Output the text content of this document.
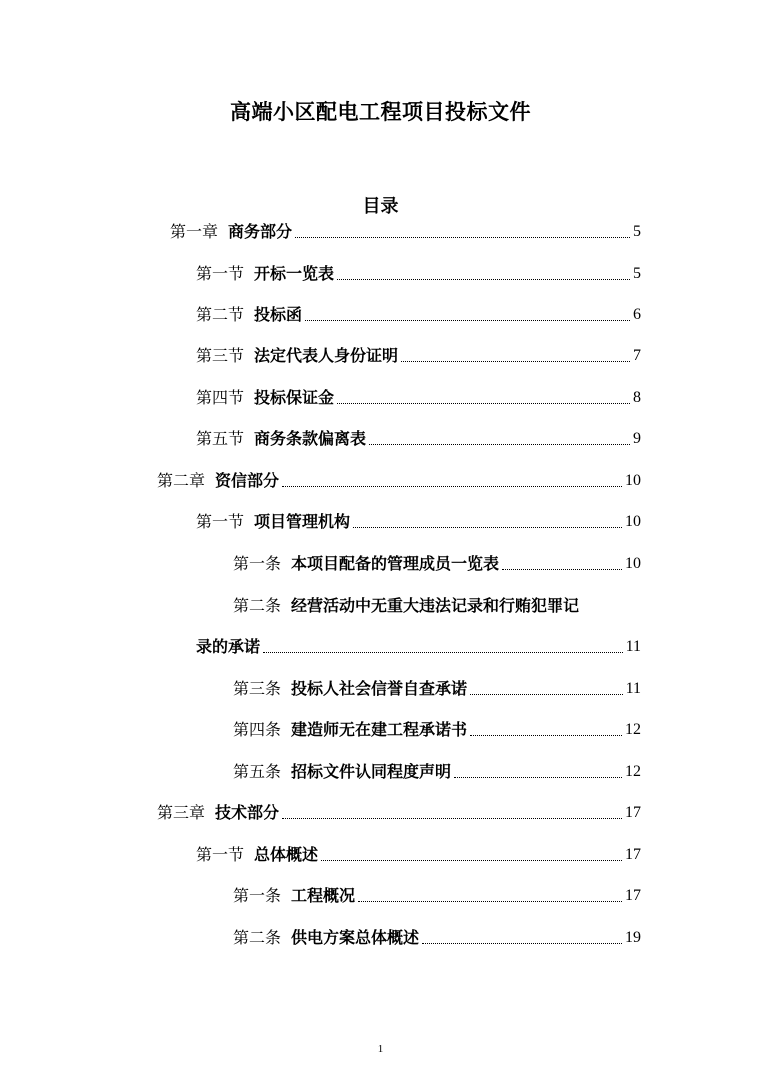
高端小区配电工程项目投标文件
目录
第一章 商务部分	5
第一节 开标一览表	5
第二节 投标函	6
第三节 法定代表人身份证明	7
第四节 投标保证金	8
第五节 商务条款偏离表	9
第二章 资信部分	10
第一节 项目管理机构	10
第一条 本项目配备的管理成员一览表	10
第二条 经营活动中无重大违法记录和行贿犯罪记
录的承诺	11
第三条 投标人社会信誉自查承诺	11
第四条 建造师无在建工程承诺书	12
第五条 招标文件认同程度声明	12
第三章 技术部分	17
第一节 总体概述	17
第一条 工程概况	17
第二条 供电方案总体概述	19
1
